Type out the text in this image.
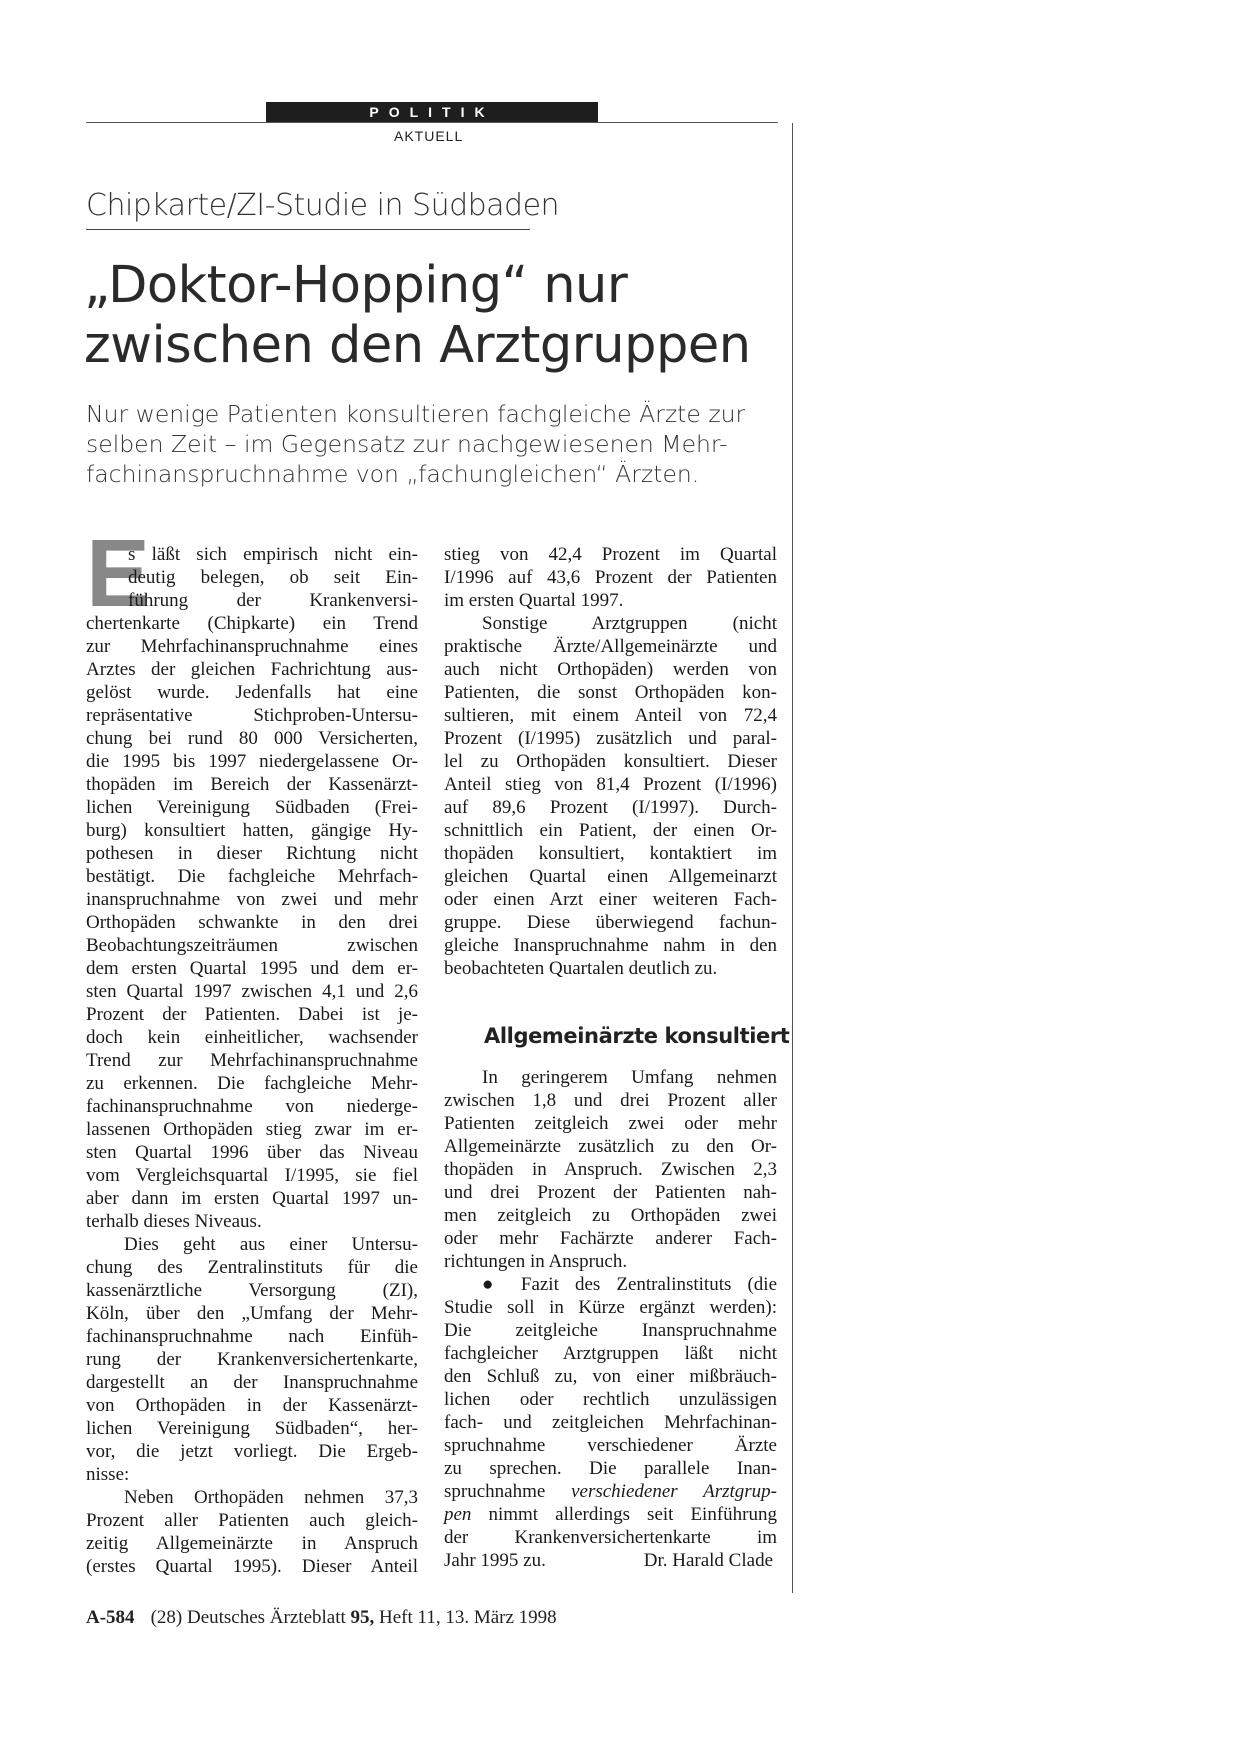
POLITIK
AKTUELL
Chipkarte/ZI-Studie in Südbaden
„Doktor-Hopping“ nur
zwischen den Arztgruppen
Nur wenige Patienten konsultieren fachgleiche Ärzte zur
selben Zeit – im Gegensatz zur nachgewiesenen Mehr-
fachinanspruchnahme von „fachungleichen“ Ärzten.
E
s läßt sich empirisch nicht ein-
deutig belegen, ob seit Ein-
führung der Krankenversi-
chertenkarte (Chipkarte) ein Trend
zur Mehrfachinanspruchnahme eines
Arztes der gleichen Fachrichtung aus-
gelöst wurde. Jedenfalls hat eine
repräsentative Stichproben-Untersu-
chung bei rund 80 000 Versicherten,
die 1995 bis 1997 niedergelassene Or-
thopäden im Bereich der Kassenärzt-
lichen Vereinigung Südbaden (Frei-
burg) konsultiert hatten, gängige Hy-
pothesen in dieser Richtung nicht
bestätigt. Die fachgleiche Mehrfach-
inanspruchnahme von zwei und mehr
Orthopäden schwankte in den drei
Beobachtungszeiträumen zwischen
dem ersten Quartal 1995 und dem er-
sten Quartal 1997 zwischen 4,1 und 2,6
Prozent der Patienten. Dabei ist je-
doch kein einheitlicher, wachsender
Trend zur Mehrfachinanspruchnahme
zu erkennen. Die fachgleiche Mehr-
fachinanspruchnahme von niederge-
lassenen Orthopäden stieg zwar im er-
sten Quartal 1996 über das Niveau
vom Vergleichsquartal I/1995, sie fiel
aber dann im ersten Quartal 1997 un-
terhalb dieses Niveaus.
Dies geht aus einer Untersu-
chung des Zentralinstituts für die
kassenärztliche Versorgung (ZI),
Köln, über den „Umfang der Mehr-
fachinanspruchnahme nach Einfüh-
rung der Krankenversichertenkarte,
dargestellt an der Inanspruchnahme
von Orthopäden in der Kassenärzt-
lichen Vereinigung Südbaden“, her-
vor, die jetzt vorliegt. Die Ergeb-
nisse:
Neben Orthopäden nehmen 37,3
Prozent aller Patienten auch gleich-
zeitig Allgemeinärzte in Anspruch
(erstes Quartal 1995). Dieser Anteil
stieg von 42,4 Prozent im Quartal
I/1996 auf 43,6 Prozent der Patienten
im ersten Quartal 1997.
Sonstige Arztgruppen (nicht
praktische Ärzte/Allgemeinärzte und
auch nicht Orthopäden) werden von
Patienten, die sonst Orthopäden kon-
sultieren, mit einem Anteil von 72,4
Prozent (I/1995) zusätzlich und paral-
lel zu Orthopäden konsultiert. Dieser
Anteil stieg von 81,4 Prozent (I/1996)
auf 89,6 Prozent (I/1997). Durch-
schnittlich ein Patient, der einen Or-
thopäden konsultiert, kontaktiert im
gleichen Quartal einen Allgemeinarzt
oder einen Arzt einer weiteren Fach-
gruppe. Diese überwiegend fachun-
gleiche Inanspruchnahme nahm in den
beobachteten Quartalen deutlich zu.
Allgemeinärzte konsultiert
In geringerem Umfang nehmen
zwischen 1,8 und drei Prozent aller
Patienten zeitgleich zwei oder mehr
Allgemeinärzte zusätzlich zu den Or-
thopäden in Anspruch. Zwischen 2,3
und drei Prozent der Patienten nah-
men zeitgleich zu Orthopäden zwei
oder mehr Fachärzte anderer Fach-
richtungen in Anspruch.
● Fazit des Zentralinstituts (die
Studie soll in Kürze ergänzt werden):
Die zeitgleiche Inanspruchnahme
fachgleicher Arztgruppen läßt nicht
den Schluß zu, von einer mißbräuch-
lichen oder rechtlich unzulässigen
fach- und zeitgleichen Mehrfachinan-
spruchnahme verschiedener Ärzte
zu sprechen. Die parallele Inan-
spruchnahme verschiedener Arztgrup-
pen nimmt allerdings seit Einführung
der Krankenversichertenkarte im
Jahr 1995 zu.	Dr. Harald Clade
A-584 (28) Deutsches Ärzteblatt 95, Heft 11, 13. März 1998
